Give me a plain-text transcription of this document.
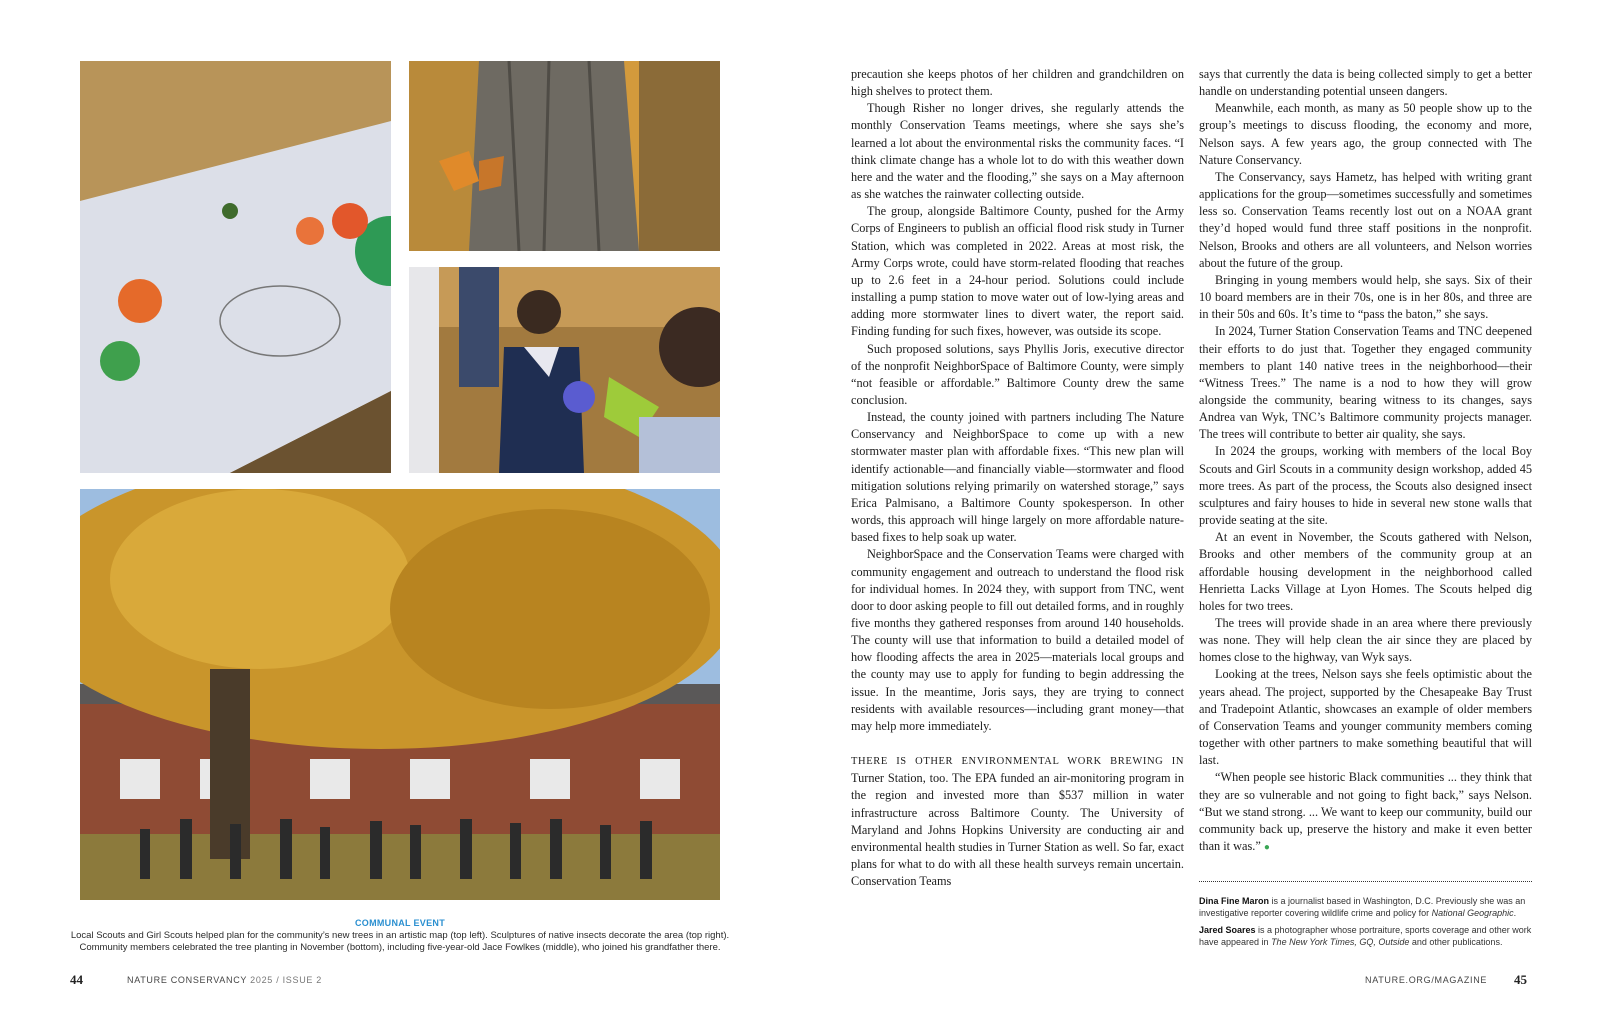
COMMUNAL EVENT
Local Scouts and Girl Scouts helped plan for the community’s new trees in an artistic map (top left). Sculptures of native insects decorate the area (top right).
Community members celebrated the tree planting in November (bottom), including five-year-old Jace Fowlkes (middle), who joined his grandfather there.

precaution she keeps photos of her children and grandchildren on high shelves to protect them.

Though Risher no longer drives, she regularly attends the monthly Conservation Teams meetings, where she says she’s learned a lot about the environmental risks the community faces. “I think climate change has a whole lot to do with this weather down here and the water and the flooding,” she says on a May afternoon as she watches the rainwater collecting outside.

The group, alongside Baltimore County, pushed for the Army Corps of Engineers to publish an official flood risk study in Turner Station, which was completed in 2022. Areas at most risk, the Army Corps wrote, could have storm-related flooding that reaches up to 2.6 feet in a 24-hour period. Solutions could include installing a pump station to move water out of low-lying areas and adding more stormwater lines to divert water, the report said. Finding funding for such fixes, however, was outside its scope.

Such proposed solutions, says Phyllis Joris, executive director of the nonprofit NeighborSpace of Baltimore County, were simply “not feasible or affordable.” Baltimore County drew the same conclusion.

Instead, the county joined with partners including The Nature Conservancy and NeighborSpace to come up with a new stormwater master plan with affordable fixes. “This new plan will identify actionable—and financially viable—stormwater and flood mitigation solutions relying primarily on watershed storage,” says Erica Palmisano, a Baltimore County spokesperson. In other words, this approach will hinge largely on more affordable nature-based fixes to help soak up water.

NeighborSpace and the Conservation Teams were charged with community engagement and outreach to understand the flood risk for individual homes. In 2024 they, with support from TNC, went door to door asking people to fill out detailed forms, and in roughly five months they gathered responses from around 140 households. The county will use that information to build a detailed model of how flooding affects the area in 2025—materials local groups and the county may use to apply for funding to begin addressing the issue. In the meantime, Joris says, they are trying to connect residents with available resources—including grant money—that may help more immediately.

THERE IS OTHER ENVIRONMENTAL WORK BREWING IN Turner Station, too. The EPA funded an air-monitoring program in the region and invested more than $537 million in water infrastructure across Baltimore County. The University of Maryland and Johns Hopkins University are conducting air and environmental health studies in Turner Station as well. So far, exact plans for what to do with all these health surveys remain uncertain. Conservation Teams

says that currently the data is being collected simply to get a better handle on understanding potential unseen dangers.

Meanwhile, each month, as many as 50 people show up to the group’s meetings to discuss flooding, the economy and more, Nelson says. A few years ago, the group connected with The Nature Conservancy.

The Conservancy, says Hametz, has helped with writing grant applications for the group—sometimes successfully and sometimes less so. Conservation Teams recently lost out on a NOAA grant they’d hoped would fund three staff positions in the nonprofit. Nelson, Brooks and others are all volunteers, and Nelson worries about the future of the group.

Bringing in young members would help, she says. Six of their 10 board members are in their 70s, one is in her 80s, and three are in their 50s and 60s. It’s time to “pass the baton,” she says.

In 2024, Turner Station Conservation Teams and TNC deepened their efforts to do just that. Together they engaged community members to plant 140 native trees in the neighborhood—their “Witness Trees.” The name is a nod to how they will grow alongside the community, bearing witness to its changes, says Andrea van Wyk, TNC’s Baltimore community projects manager. The trees will contribute to better air quality, she says.

In 2024 the groups, working with members of the local Boy Scouts and Girl Scouts in a community design workshop, added 45 more trees. As part of the process, the Scouts also designed insect sculptures and fairy houses to hide in several new stone walls that provide seating at the site.

At an event in November, the Scouts gathered with Nelson, Brooks and other members of the community group at an affordable housing development in the neighborhood called Henrietta Lacks Village at Lyon Homes. The Scouts helped dig holes for two trees.

The trees will provide shade in an area where there previously was none. They will help clean the air since they are placed by homes close to the highway, van Wyk says.

Looking at the trees, Nelson says she feels optimistic about the years ahead. The project, supported by the Chesapeake Bay Trust and Tradepoint Atlantic, showcases an example of older members of Conservation Teams and younger community members coming together with other partners to make something beautiful that will last.

“When people see historic Black communities ... they think that they are so vulnerable and not going to fight back,” says Nelson. “But we stand strong. ... We want to keep our community, build our community back up, preserve the history and make it even better than it was.” ●

Dina Fine Maron is a journalist based in Washington, D.C. Previously she was an investigative reporter covering wildlife crime and policy for National Geographic.

Jared Soares is a photographer whose portraiture, sports coverage and other work have appeared in The New York Times, GQ, Outside and other publications.

44	NATURE CONSERVANCY 2025 / ISSUE 2	NATURE.ORG/MAGAZINE 45
